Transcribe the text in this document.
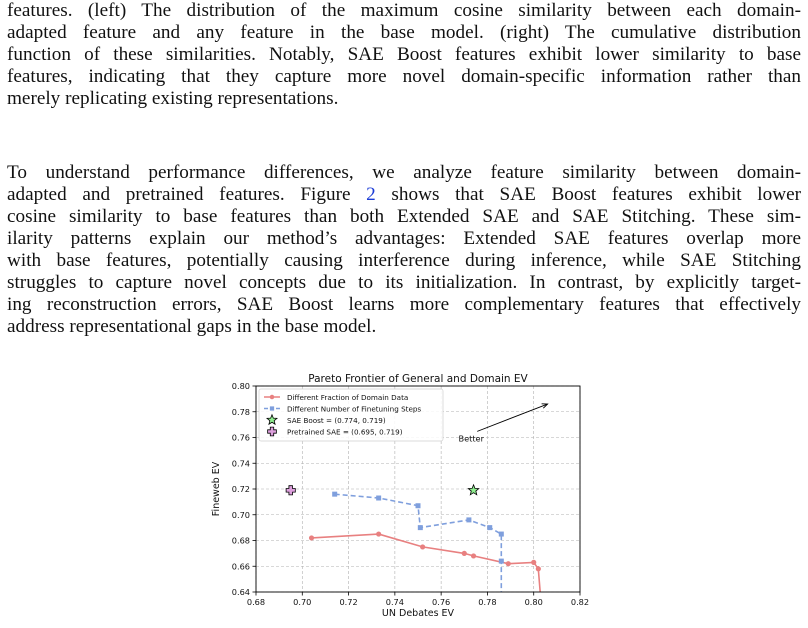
features. (left) The distribution of the maximum cosine similarity between each domain-
adapted feature and any feature in the base model. (right) The cumulative distribution
function of these similarities. Notably, SAE Boost features exhibit lower similarity to base
features, indicating that they capture more novel domain-specific information rather than
merely replicating existing representations.
To understand performance differences, we analyze feature similarity between domain-
adapted and pretrained features. Figure 2 shows that SAE Boost features exhibit lower
cosine similarity to base features than both Extended SAE and SAE Stitching. These sim-
ilarity patterns explain our method’s advantages: Extended SAE features overlap more
with base features, potentially causing interference during inference, while SAE Stitching
struggles to capture novel concepts due to its initialization. In contrast, by explicitly target-
ing reconstruction errors, SAE Boost learns more complementary features that effectively
address representational gaps in the base model.
0.68	0.70	0.72	0.74	0.76	0.78	0.80	0.82
0.64
0.66
0.68
0.70
0.72
0.74
0.76
0.78
0.80
Pareto Frontier of General and Domain EV
UN Debates EV
Fineweb EV
Better
Different Fraction of Domain Data
Different Number of Finetuning Steps
SAE Boost = (0.774, 0.719)
Pretrained SAE = (0.695, 0.719)
